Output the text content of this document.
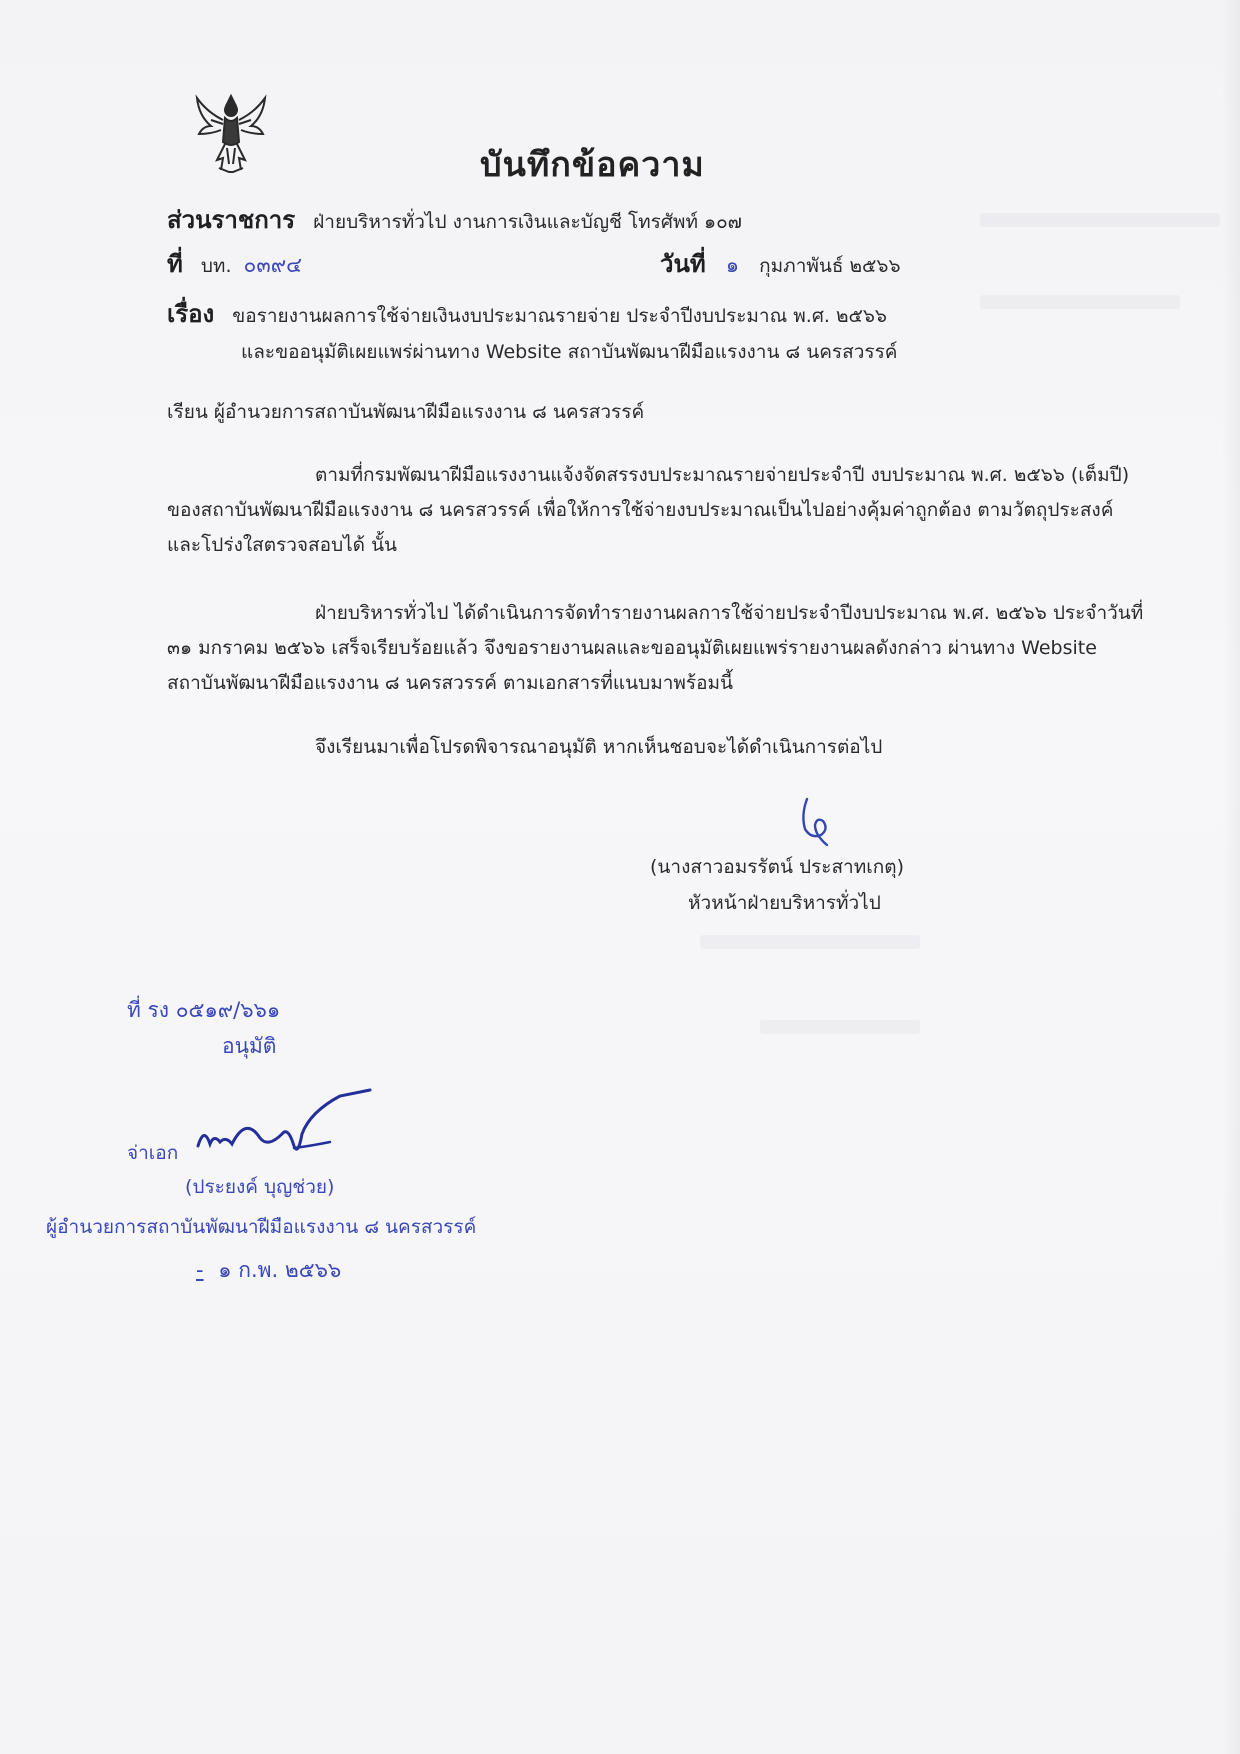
บันทึกข้อความ
ส่วนราชการ ฝ่ายบริหารทั่วไป งานการเงินและบัญชี โทรศัพท์ ๑๐๗
ที่ บท. ๐๓๙๔	วันที่ ๑ กุมภาพันธ์ ๒๕๖๖
เรื่อง ขอรายงานผลการใช้จ่ายเงินงบประมาณรายจ่าย ประจำปีงบประมาณ พ.ศ. ๒๕๖๖
และขออนุมัติเผยแพร่ผ่านทาง Website สถาบันพัฒนาฝีมือแรงงาน ๘ นครสวรรค์
เรียน ผู้อำนวยการสถาบันพัฒนาฝีมือแรงงาน ๘ นครสวรรค์
ตามที่กรมพัฒนาฝีมือแรงงานแจ้งจัดสรรงบประมาณรายจ่ายประจำปี งบประมาณ พ.ศ. ๒๕๖๖ (เต็มปี) ของสถาบันพัฒนาฝีมือแรงงาน ๘ นครสวรรค์ เพื่อให้การใช้จ่ายงบประมาณเป็นไปอย่างคุ้มค่าถูกต้อง ตามวัตถุประสงค์และโปร่งใสตรวจสอบได้ นั้น
ฝ่ายบริหารทั่วไป ได้ดำเนินการจัดทำรายงานผลการใช้จ่ายประจำปีงบประมาณ พ.ศ. ๒๕๖๖ ประจำวันที่ ๓๑ มกราคม ๒๕๖๖ เสร็จเรียบร้อยแล้ว จึงขอรายงานผลและขออนุมัติเผยแพร่รายงานผลดังกล่าว ผ่านทาง Website สถาบันพัฒนาฝีมือแรงงาน ๘ นครสวรรค์ ตามเอกสารที่แนบมาพร้อมนี้
จึงเรียนมาเพื่อโปรดพิจารณาอนุมัติ หากเห็นชอบจะได้ดำเนินการต่อไป
(นางสาวอมรรัตน์ ประสาทเกตุ)
หัวหน้าฝ่ายบริหารทั่วไป
ที่ รง ๐๕๑๙/๖๖๑
อนุมัติ
จ่าเอก
(ประยงค์ บุญช่วย)
ผู้อำนวยการสถาบันพัฒนาฝีมือแรงงาน ๘ นครสวรรค์
- ๑ ก.พ. ๒๕๖๖
